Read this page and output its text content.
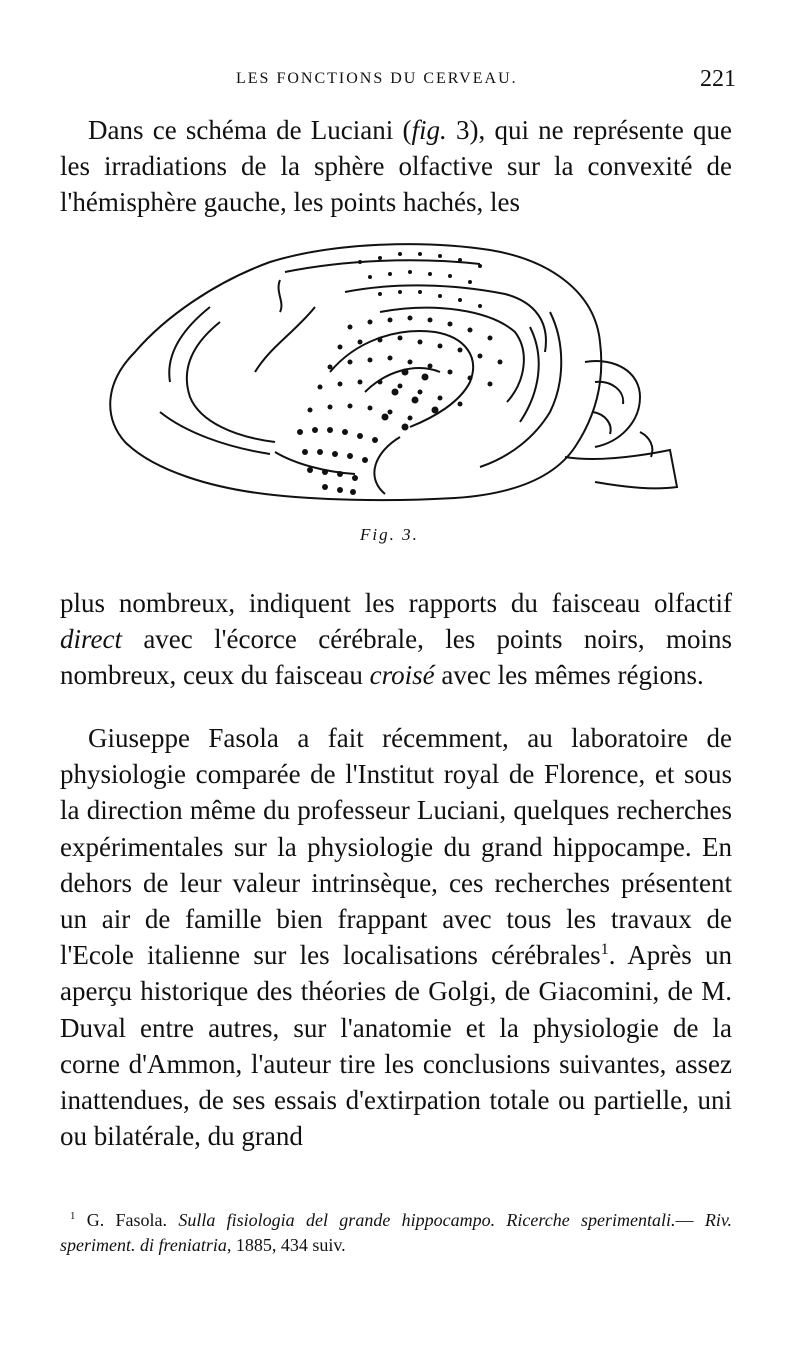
LES FONCTIONS DU CERVEAU.	221

Dans ce schéma de Luciani (fig. 3), qui ne représente que les irradiations de la sphère olfactive sur la convexité de l'hémisphère gauche, les points hachés, les

Fig. 3.

plus nombreux, indiquent les rapports du faisceau olfactif direct avec l'écorce cérébrale, les points noirs, moins nombreux, ceux du faisceau croisé avec les mêmes régions.

Giuseppe Fasola a fait récemment, au laboratoire de physiologie comparée de l'Institut royal de Florence, et sous la direction même du professeur Luciani, quelques recherches expérimentales sur la physiologie du grand hippocampe. En dehors de leur valeur intrinsèque, ces recherches présentent un air de famille bien frappant avec tous les travaux de l'Ecole italienne sur les localisations cérébrales$^1$. Après un aperçu historique des théories de Golgi, de Giacomini, de M. Duval entre autres, sur l'anatomie et la physiologie de la corne d'Ammon, l'auteur tire les conclusions suivantes, assez inattendues, de ses essais d'extirpation totale ou partielle, uni ou bilatérale, du grand

$^1$ G. Fasola. Sulla fisiologia del grande hippocampo. Ricerche sperimentali.— Riv. speriment. di freniatria, 1885, 434 suiv.
